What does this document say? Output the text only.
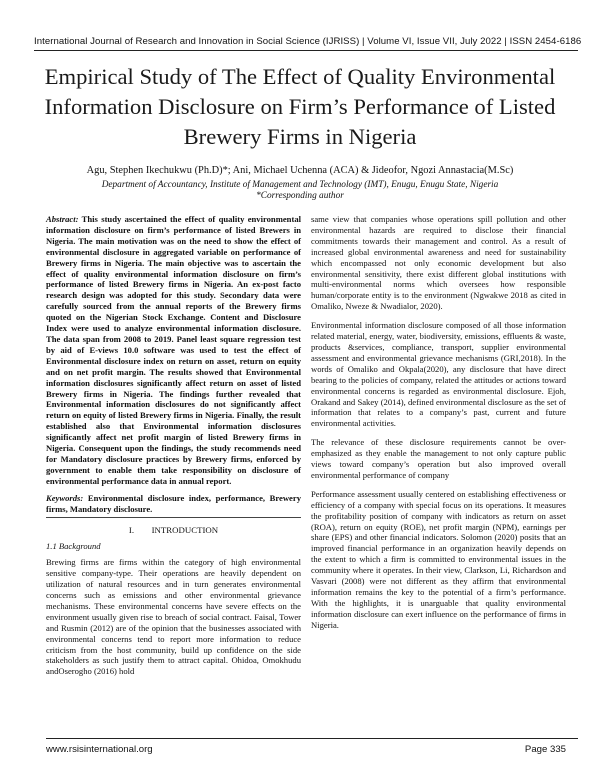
International Journal of Research and Innovation in Social Science (IJRISS) | Volume VI, Issue VII, July 2022 | ISSN 2454-6186
Empirical Study of The Effect of Quality Environmental Information Disclosure on Firm’s Performance of Listed Brewery Firms in Nigeria
Agu, Stephen Ikechukwu (Ph.D)*; Ani, Michael Uchenna (ACA) & Jideofor, Ngozi Annastacia(M.Sc)
Department of Accountancy, Institute of Management and Technology (IMT), Enugu, Enugu State, Nigeria
*Corresponding author

Abstract: This study ascertained the effect of quality environmental information disclosure on firm’s performance of listed Brewers in Nigeria. The main motivation was on the need to show the effect of environmental disclosure in aggregated variable on performance of Brewery firms in Nigeria. The main objective was to ascertain the effect of quality environmental information disclosure on firm’s performance of listed Brewery firms in Nigeria. An ex-post facto research design was adopted for this study. Secondary data were carefully sourced from the annual reports of the Brewery firms quoted on the Nigerian Stock Exchange. Content and Disclosure Index were used to analyze environmental information disclosure. The data span from 2008 to 2019. Panel least square regression test by aid of E-views 10.0 software was used to test the effect of Environmental disclosure index on return on asset, return on equity and on net profit margin. The results showed that Environmental information disclosures significantly affect return on asset of listed Brewery firms in Nigeria. The findings further revealed that Environmental information disclosures do not significantly affect return on equity of listed Brewery firms in Nigeria. Finally, the result established also that Environmental information disclosures significantly affect net profit margin of listed Brewery firms in Nigeria. Consequent upon the findings, the study recommends need for Mandatory disclosure practices by Brewery firms, enforced by government to enable them take responsibility on disclosure of environmental performance data in annual report.

Keywords: Environmental disclosure index, performance, Brewery firms, Mandatory disclosure.

I.        INTRODUCTION

1.1 Background

Brewing firms are firms within the category of high environmental sensitive company-type. Their operations are heavily dependent on utilization of natural resources and in turn generates environmental concerns such as emissions and other environmental grievance mechanisms. These environmental concerns have severe effects on the environment usually given rise to breach of social contract. Faisal, Tower and Rusmin (2012) are of the opinion that the businesses associated with environmental concerns tend to report more information to reduce criticism from the host community, build up confidence on the side stakeholders as such justify them to attract capital. Ohidoa, Omokhudu andOserogho (2016) hold

same view that companies whose operations spill pollution and other environmental hazards are required to disclose their financial commitments towards their management and control. As a result of increased global environmental awareness and need for sustainability which encompassed not only economic development but also environmental sensitivity, there exist different global institutions with multi-environmental norms which oversees how responsible human/corporate entity is to the environment (Ngwakwe 2018 as cited in Omaliko, Nweze & Nwadialor, 2020).

Environmental information disclosure composed of all those information related material, energy, water, biodiversity, emissions, effluents & waste, products &services, compliance, transport, supplier environmental assessment and environmental grievance mechanisms (GRI,2018). In the words of Omaliko and Okpala(2020), any disclosure that have direct bearing to the policies of company, related the attitudes or actions toward environmental concerns is regarded as environmental disclosure. Ejoh, Orakand and Sakey (2014), defined environmental disclosure as the set of information that relates to a company’s past, current and future environmental activities.

The relevance of these disclosure requirements cannot be over-emphasized as they enable the management to not only capture public views toward company’s operation but also improved overall environmental performance of company

Performance assessment usually centered on establishing effectiveness or efficiency of a company with special focus on its operations. It measures the profitability position of company with indicators as return on asset (ROA), return on equity (ROE), net profit margin (NPM), earnings per share (EPS) and other financial indicators. Solomon (2020) posits that an improved financial performance in an organization heavily depends on the extent to which a firm is committed to environmental issues in the community where it operates. In their view, Clarkson, Li, Richardson and Vasvari (2008) were not different as they affirm that environmental information remains the key to the potential of a firm’s performance. With the highlights, it is unarguable that quality environmental information disclosure can exert influence on the performance of firms in Nigeria.

www.rsisinternational.org	Page 335
